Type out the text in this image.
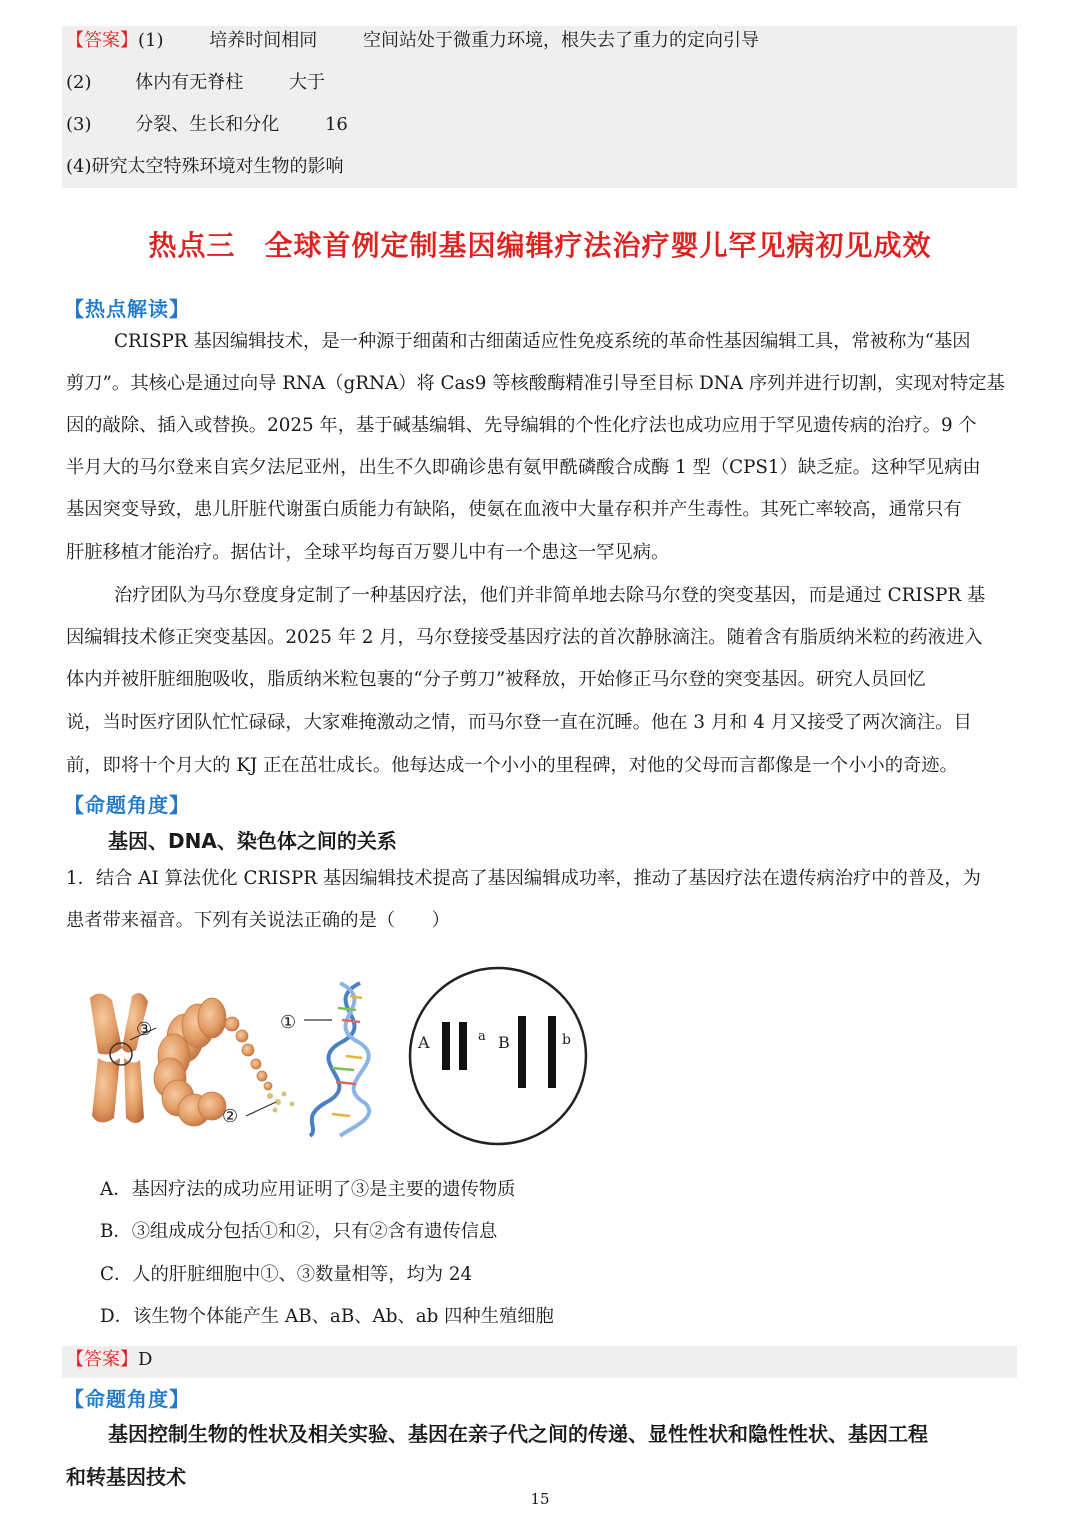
【答案】(1)	培养时间相同	空间站处于微重力环境，根失去了重力的定向引导
(2) 体内有无脊柱	大于
(3) 分裂、生长和分化	16
(4)研究太空特殊环境对生物的影响
热点三　全球首例定制基因编辑疗法治疗婴儿罕见病初见成效
【热点解读】
CRISPR 基因编辑技术，是一种源于细菌和古细菌适应性免疫系统的革命性基因编辑工具，常被称为“基因
剪刀”。其核心是通过向导 RNA（gRNA）将 Cas9 等核酸酶精准引导至目标 DNA 序列并进行切割，实现对特定基
因的敲除、插入或替换。2025 年，基于碱基编辑、先导编辑的个性化疗法也成功应用于罕见遗传病的治疗。9 个
半月大的马尔登来自宾夕法尼亚州，出生不久即确诊患有氨甲酰磷酸合成酶 1 型（CPS1）缺乏症。这种罕见病由
基因突变导致，患儿肝脏代谢蛋白质能力有缺陷，使氨在血液中大量存积并产生毒性。其死亡率较高，通常只有
肝脏移植才能治疗。据估计，全球平均每百万婴儿中有一个患这一罕见病。
治疗团队为马尔登度身定制了一种基因疗法，他们并非简单地去除马尔登的突变基因，而是通过 CRISPR 基
因编辑技术修正突变基因。2025 年 2 月，马尔登接受基因疗法的首次静脉滴注。随着含有脂质纳米粒的药液进入
体内并被肝脏细胞吸收，脂质纳米粒包裹的“分子剪刀”被释放，开始修正马尔登的突变基因。研究人员回忆
说，当时医疗团队忙忙碌碌，大家难掩激动之情，而马尔登一直在沉睡。他在 3 月和 4 月又接受了两次滴注。目
前，即将十个月大的 KJ 正在茁壮成长。他每达成一个小小的里程碑，对他的父母而言都像是一个小小的奇迹。
【命题角度】
基因、DNA、染色体之间的关系
1．结合 AI 算法优化 CRISPR 基因编辑技术提高了基因编辑成功率，推动了基因疗法在遗传病治疗中的普及，为
患者带来福音。下列有关说法正确的是（　　）
③	①
②
A	a B	b
A．基因疗法的成功应用证明了③是主要的遗传物质
B．③组成成分包括①和②，只有②含有遗传信息
C．人的肝脏细胞中①、③数量相等，均为 24
D．该生物个体能产生 AB、aB、Ab、ab 四种生殖细胞
【答案】D
【命题角度】
基因控制生物的性状及相关实验、基因在亲子代之间的传递、显性性状和隐性性状、基因工程
和转基因技术
15
